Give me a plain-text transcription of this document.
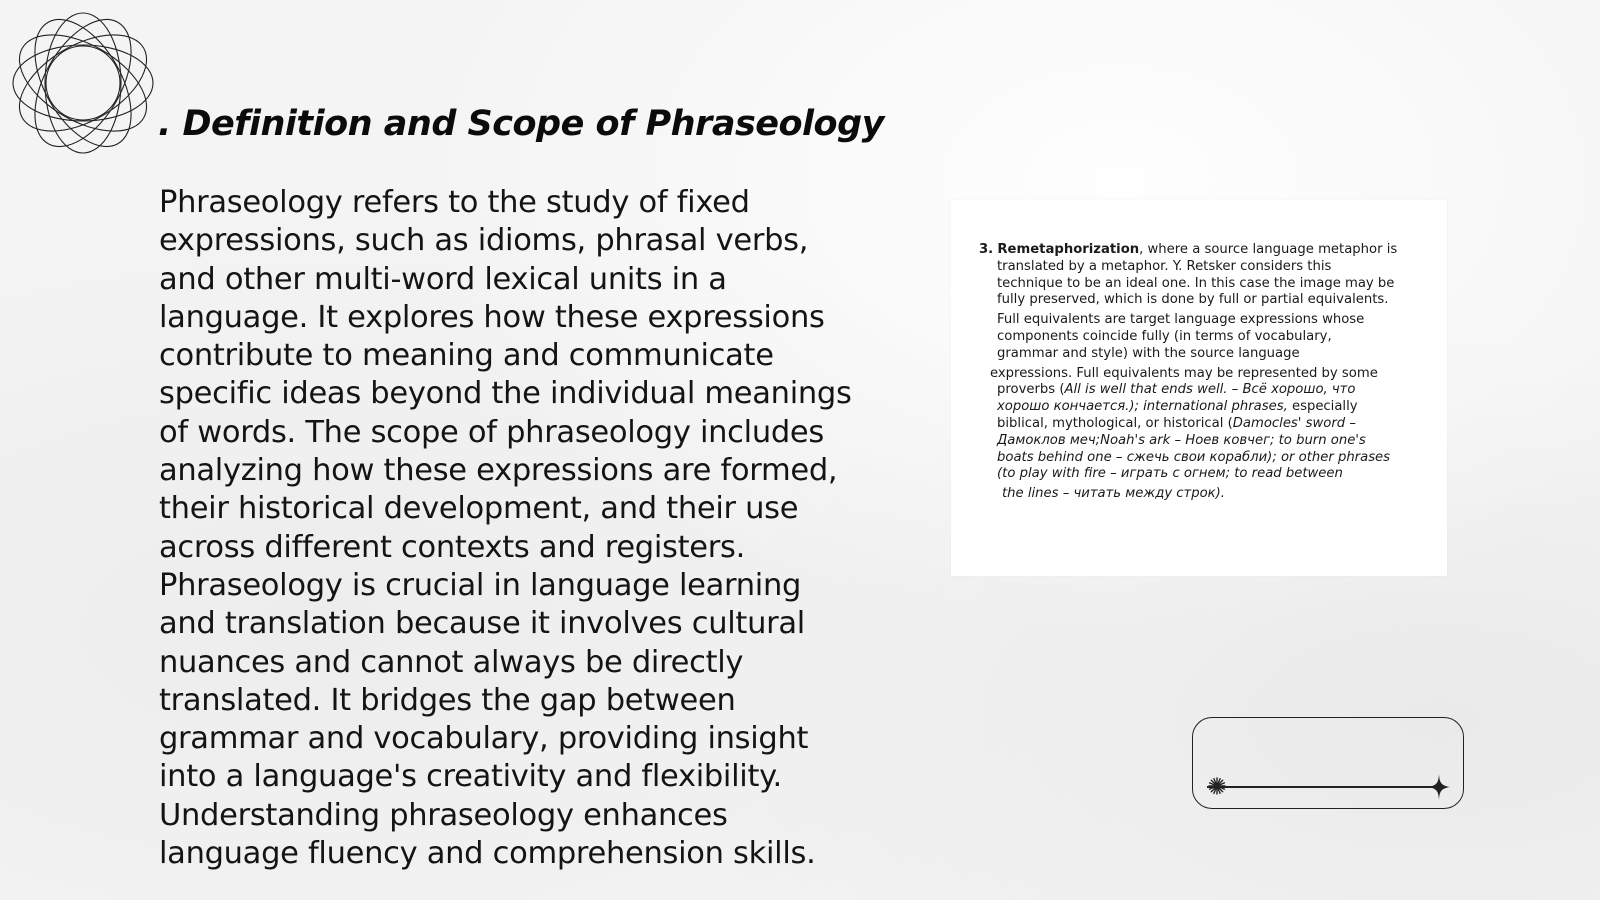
. Definition and Scope of Phraseology

Phraseology refers to the study of fixed expressions, such as idioms, phrasal verbs, and other multi-word lexical units in a language. It explores how these expressions contribute to meaning and communicate specific ideas beyond the individual meanings of words. The scope of phraseology includes analyzing how these expressions are formed, their historical development, and their use across different contexts and registers. Phraseology is crucial in language learning and translation because it involves cultural nuances and cannot always be directly translated. It bridges the gap between grammar and vocabulary, providing insight into a language's creativity and flexibility. Understanding phraseology enhances language fluency and comprehension skills.

3. Remetaphorization, where a source language metaphor is

translated by a metaphor. Y. Retsker considers this

technique to be an ideal one. In this case the image may be

fully preserved, which is done by full or partial equivalents.

Full equivalents are target language expressions whose

components coincide fully (in terms of vocabulary,

grammar and style) with the source language

expressions. Full equivalents may be represented by some

proverbs (All is well that ends well. – Всё хорошо, что

хорошо кончается.); international phrases, especially

biblical, mythological, or historical (Damocles' sword –

Дамоклов меч;Noah's ark – Ноев ковчег; to burn one's

boats behind one – сжечь свои корабли); or other phrases

(to play with fire – играть с огнем; to read between

the lines – читать между строк).
